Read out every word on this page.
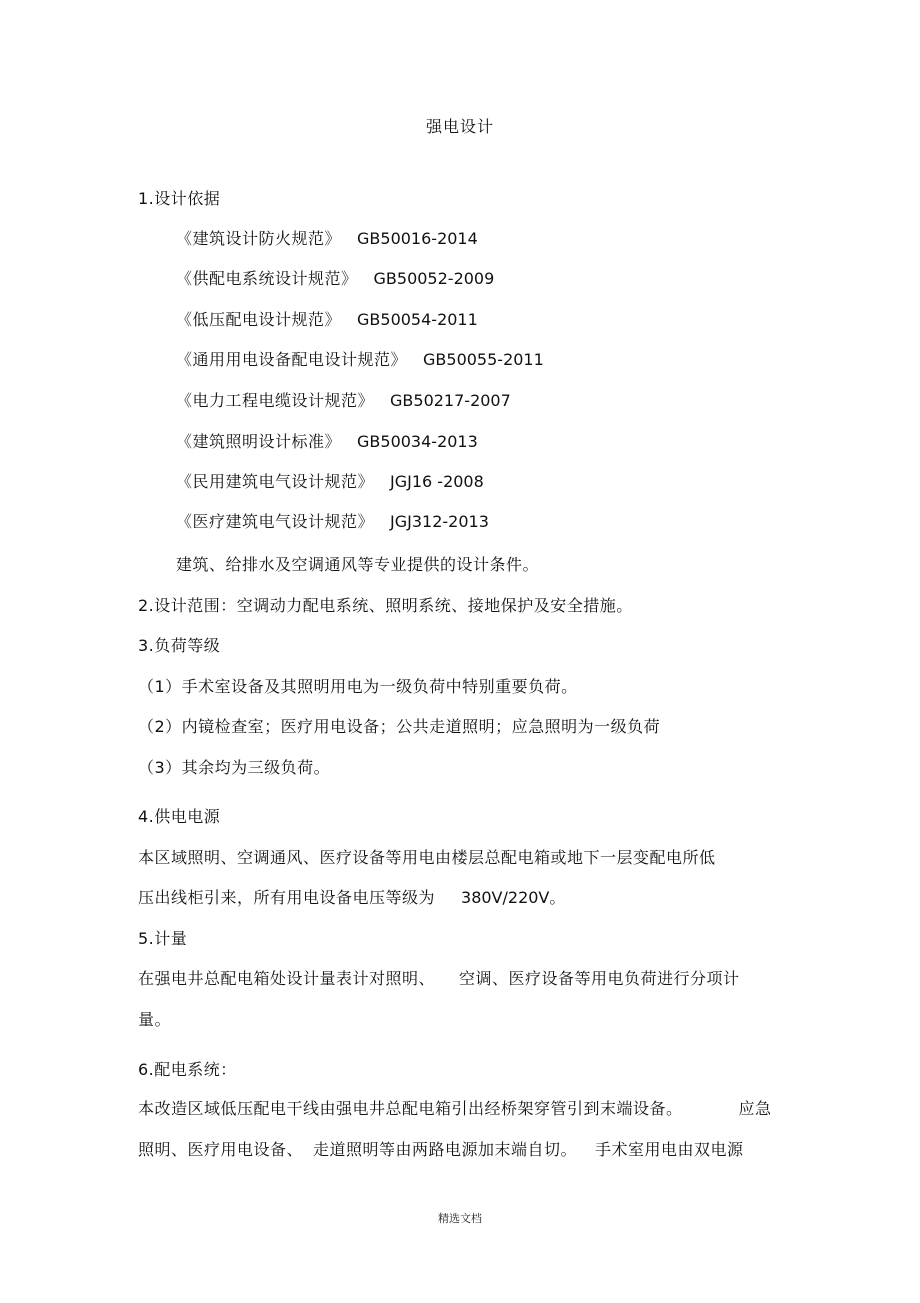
强电设计
1.设计依据
《建筑设计防火规范》 GB50016-2014
《供配电系统设计规范》 GB50052-2009
《低压配电设计规范》 GB50054-2011
《通用用电设备配电设计规范》 GB50055-2011
《电力工程电缆设计规范》 GB50217-2007
《建筑照明设计标准》 GB50034-2013
《民用建筑电气设计规范》 JGJ16 -2008
《医疗建筑电气设计规范》 JGJ312-2013
建筑、给排水及空调通风等专业提供的设计条件。
2.设计范围：空调动力配电系统、照明系统、接地保护及安全措施。
3.负荷等级
（1）手术室设备及其照明用电为一级负荷中特别重要负荷。
（2）内镜检查室；医疗用电设备；公共走道照明；应急照明为一级负荷
（3）其余均为三级负荷。
4.供电电源
本区域照明、空调通风、医疗设备等用电由楼层总配电箱或地下一层变配电所低
压出线柜引来，所有用电设备电压等级为 380V/220V。
5.计量
在强电井总配电箱处设计量表计对照明、 空调、医疗设备等用电负荷进行分项计
量。
6.配电系统：
本改造区域低压配电干线由强电井总配电箱引出经桥架穿管引到末端设备。	应急
照明、医疗用电设备、 走道照明等由两路电源加末端自切。 手术室用电由双电源
精选文档
